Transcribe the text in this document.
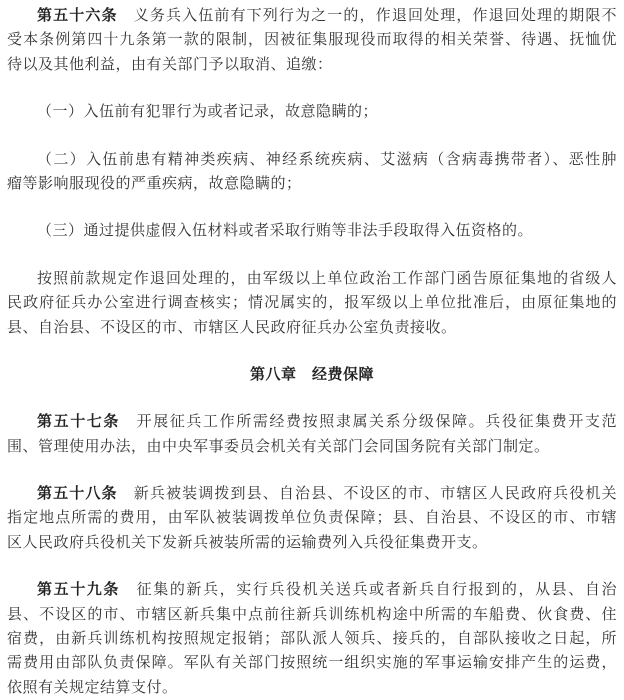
第五十六条　义务兵入伍前有下列行为之一的，作退回处理，作退回处理的期限不
受本条例第四十九条第一款的限制，因被征集服现役而取得的相关荣誉、待遇、抚恤优
待以及其他利益，由有关部门予以取消、追缴：
（一）入伍前有犯罪行为或者记录，故意隐瞒的；
（二）入伍前患有精神类疾病、神经系统疾病、艾滋病（含病毒携带者）、恶性肿
瘤等影响服现役的严重疾病，故意隐瞒的；
（三）通过提供虚假入伍材料或者采取行贿等非法手段取得入伍资格的。
按照前款规定作退回处理的，由军级以上单位政治工作部门函告原征集地的省级人
民政府征兵办公室进行调查核实；情况属实的，报军级以上单位批准后，由原征集地的
县、自治县、不设区的市、市辖区人民政府征兵办公室负责接收。
第八章　经费保障
第五十七条　开展征兵工作所需经费按照隶属关系分级保障。兵役征集费开支范
围、管理使用办法，由中央军事委员会机关有关部门会同国务院有关部门制定。
第五十八条　新兵被装调拨到县、自治县、不设区的市、市辖区人民政府兵役机关
指定地点所需的费用，由军队被装调拨单位负责保障；县、自治县、不设区的市、市辖
区人民政府兵役机关下发新兵被装所需的运输费列入兵役征集费开支。
第五十九条　征集的新兵，实行兵役机关送兵或者新兵自行报到的，从县、自治
县、不设区的市、市辖区新兵集中点前往新兵训练机构途中所需的车船费、伙食费、住
宿费，由新兵训练机构按照规定报销；部队派人领兵、接兵的，自部队接收之日起，所
需费用由部队负责保障。军队有关部门按照统一组织实施的军事运输安排产生的运费，
依照有关规定结算支付。
